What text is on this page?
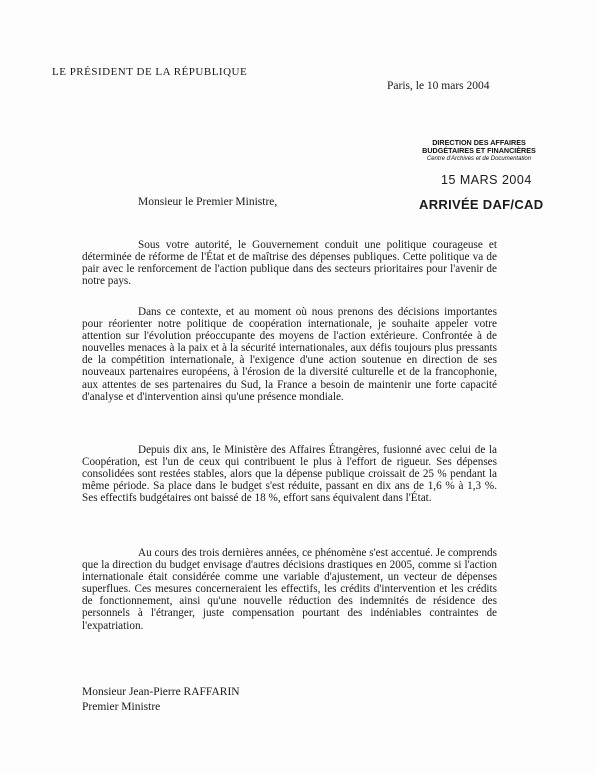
LE PRÉSIDENT DE LA RÉPUBLIQUE
Paris, le 10 mars 2004
DIRECTION DES AFFAIRES
BUDGÉTAIRES ET FINANCIÈRES
Centre d'Archives et de Documentation
15 MARS 2004
ARRIVÉE DAF/CAD
Monsieur le Premier Ministre,

Sous votre autorité, le Gouvernement conduit une politique courageuse et déterminée de réforme de l'État et de maîtrise des dépenses publiques. Cette politique va de pair avec le renforcement de l'action publique dans des secteurs prioritaires pour l'avenir de notre pays.

Dans ce contexte, et au moment où nous prenons des décisions importantes pour réorienter notre politique de coopération internationale, je souhaite appeler votre attention sur l'évolution préoccupante des moyens de l'action extérieure. Confrontée à de nouvelles menaces à la paix et à la sécurité internationales, aux défis toujours plus pressants de la compétition internationale, à l'exigence d'une action soutenue en direction de ses nouveaux partenaires européens, à l'érosion de la diversité culturelle et de la francophonie, aux attentes de ses partenaires du Sud, la France a besoin de maintenir une forte capacité d'analyse et d'intervention ainsi qu'une présence mondiale.

Depuis dix ans, le Ministère des Affaires Étrangères, fusionné avec celui de la Coopération, est l'un de ceux qui contribuent le plus à l'effort de rigueur. Ses dépenses consolidées sont restées stables, alors que la dépense publique croissait de 25 % pendant la même période. Sa place dans le budget s'est réduite, passant en dix ans de 1,6 % à 1,3 %. Ses effectifs budgétaires ont baissé de 18 %, effort sans équivalent dans l'État.

Au cours des trois dernières années, ce phénomène s'est accentué. Je comprends que la direction du budget envisage d'autres décisions drastiques en 2005, comme si l'action internationale était considérée comme une variable d'ajustement, un vecteur de dépenses superflues. Ces mesures concerneraient les effectifs, les crédits d'intervention et les crédits de fonctionnement, ainsi qu'une nouvelle réduction des indemnités de résidence des personnels à l'étranger, juste compensation pourtant des indéniables contraintes de l'expatriation.

Monsieur Jean-Pierre RAFFARIN
Premier Ministre
